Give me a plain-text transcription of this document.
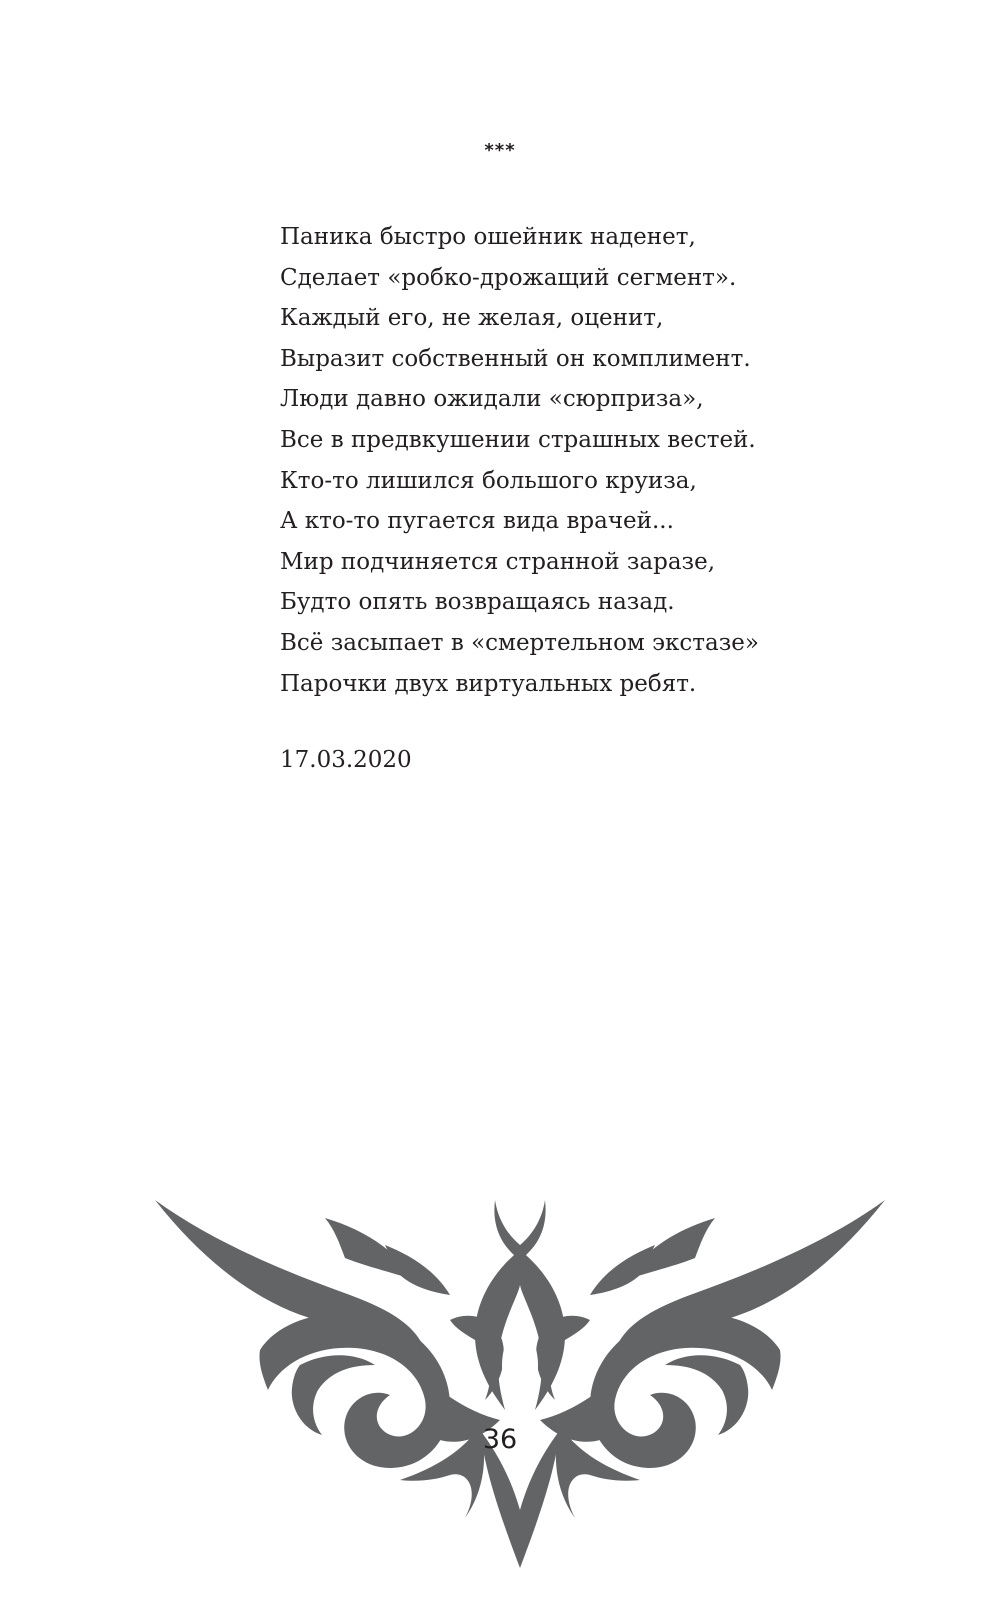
***
Паника быстро ошейник наденет,
Сделает «робко-дрожащий сегмент».
Каждый его, не желая, оценит,
Выразит собственный он комплимент.
Люди давно ожидали «сюрприза»,
Все в предвкушении страшных вестей.
Кто-то лишился большого круиза,
А кто-то пугается вида врачей...
Мир подчиняется странной заразе,
Будто опять возвращаясь назад.
Всё засыпает в «смертельном экстазе»
Парочки двух виртуальных ребят.
17.03.2020
36
